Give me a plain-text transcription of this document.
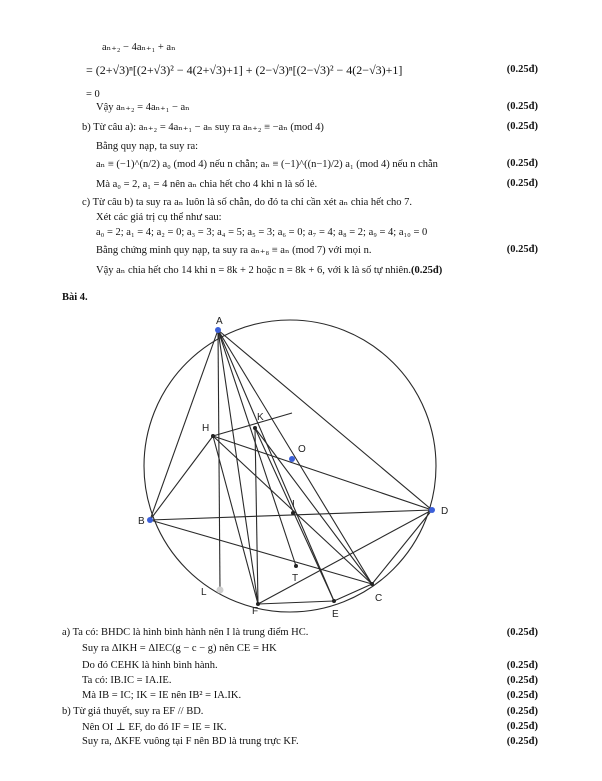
aₙ₊₂ − 4aₙ₊₁ + aₙ
= (2+√3)ⁿ[(2+√3)² − 4(2+√3)+1] + (2−√3)ⁿ[(2−√3)² − 4(2−√3)+1]	(0.25đ)
= 0
Vậy aₙ₊₂ = 4aₙ₊₁ − aₙ	(0.25đ)
b) Từ câu a): aₙ₊₂ = 4aₙ₊₁ − aₙ suy ra aₙ₊₂ ≡ −aₙ (mod 4)	(0.25đ)
Bằng quy nạp, ta suy ra:
aₙ ≡ (−1)^(n/2) a₀ (mod 4) nếu n chẵn; aₙ ≡ (−1)^((n−1)/2) a₁ (mod 4) nếu n chẵn	(0.25đ)
Mà a₀ = 2, a₁ = 4 nên aₙ chia hết cho 4 khi n là số lẻ.	(0.25đ)
c) Từ câu b) ta suy ra aₙ luôn là số chẵn, do đó ta chỉ cần xét aₙ chia hết cho 7.
Xét các giá trị cụ thể như sau:
a₀ = 2; a₁ = 4; a₂ = 0; a₃ = 3; a₄ = 5; a₅ = 3; a₆ = 0; a₇ = 4; a₈ = 2; a₉ = 4; a₁₀ = 0
Bằng chứng minh quy nạp, ta suy ra aₙ₊₈ ≡ aₙ (mod 7) với mọi n.	(0.25đ)
Vậy aₙ chia hết cho 14 khi n = 8k + 2 hoặc n = 8k + 6, với k là số tự nhiên.(0.25đ)
Bài 4.
A
B
C
D
E
F
H
I
K
L
O
T
a) Ta có: BHDC là hình bình hành nên I là trung điểm HC.	(0.25đ)
Suy ra ΔIKH = ΔIEC(g − c − g) nên CE = HK
Do đó CEHK là hình bình hành.	(0.25đ)
Ta có: IB.IC = IA.IE.	(0.25đ)
Mà IB = IC; IK = IE nên IB² = IA.IK.	(0.25đ)
b) Từ giả thuyết, suy ra EF // BD.	(0.25đ)
Nên OI ⊥ EF, do đó IF = IE = IK.	(0.25đ)
Suy ra, ΔKFE vuông tại F nên BD là trung trực KF.	(0.25đ)
